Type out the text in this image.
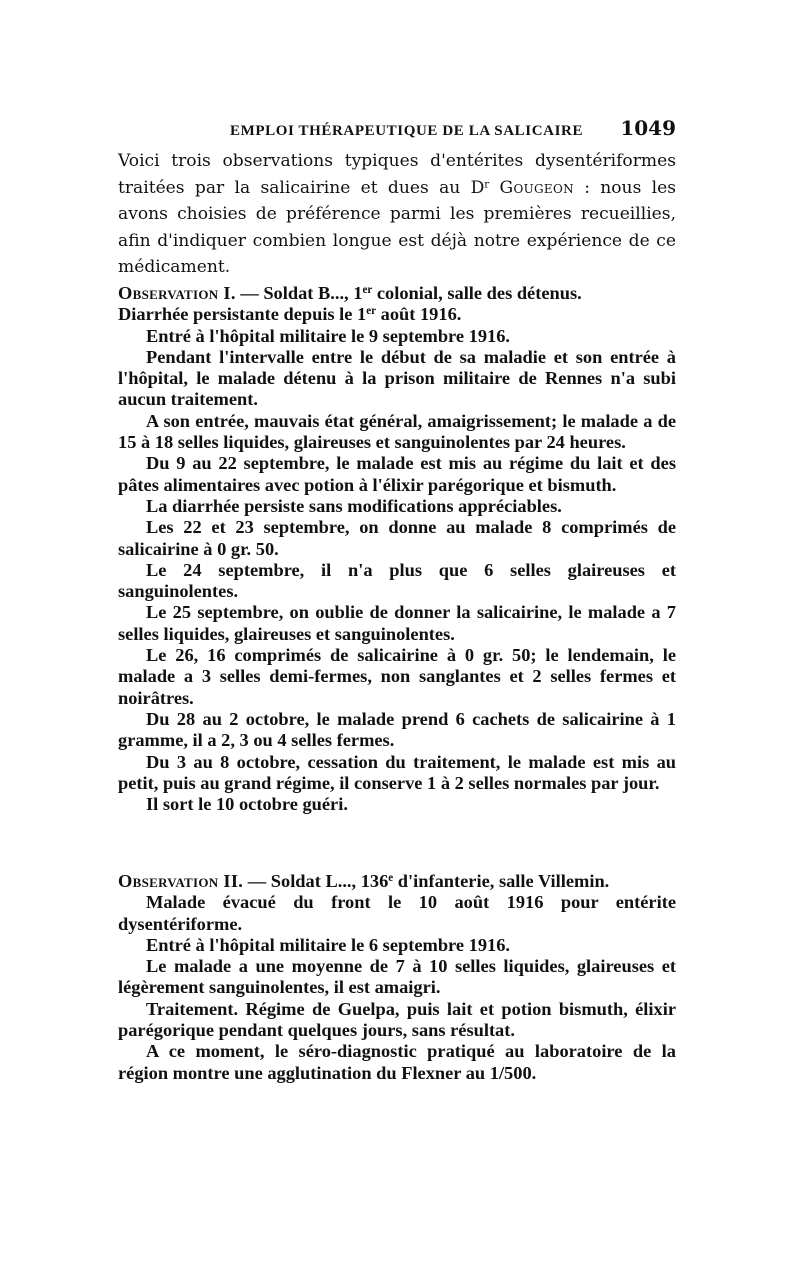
EMPLOI THÉRAPEUTIQUE DE LA SALICAIRE 1049

Voici trois observations typiques d'entérites dysentériformes traitées par la salicairine et dues au $D^r$ Gougeon : nous les avons choisies de préférence parmi les premières recueillies, afin d'indiquer combien longue est déjà notre expérience de ce médicament.

Observation I. — Soldat B..., 1er colonial, salle des détenus.

Diarrhée persistante depuis le 1er août 1916.

Entré à l'hôpital militaire le 9 septembre 1916.

Pendant l'intervalle entre le début de sa maladie et son entrée à l'hôpital, le malade détenu à la prison militaire de Rennes n'a subi aucun traitement.

A son entrée, mauvais état général, amaigrissement; le malade a de 15 à 18 selles liquides, glaireuses et sanguinolentes par 24 heures.

Du 9 au 22 septembre, le malade est mis au régime du lait et des pâtes alimentaires avec potion à l'élixir parégorique et bismuth.

La diarrhée persiste sans modifications appréciables.

Les 22 et 23 septembre, on donne au malade 8 comprimés de salicairine à 0 gr. 50.

Le 24 septembre, il n'a plus que 6 selles glaireuses et sanguinolentes.

Le 25 septembre, on oublie de donner la salicairine, le malade a 7 selles liquides, glaireuses et sanguinolentes.

Le 26, 16 comprimés de salicairine à 0 gr. 50; le lendemain, le malade a 3 selles demi-fermes, non sanglantes et 2 selles fermes et noirâtres.

Du 28 au 2 octobre, le malade prend 6 cachets de salicairine à 1 gramme, il a 2, 3 ou 4 selles fermes.

Du 3 au 8 octobre, cessation du traitement, le malade est mis au petit, puis au grand régime, il conserve 1 à 2 selles normales par jour.

Il sort le 10 octobre guéri.

Observation II. — Soldat L..., 136e d'infanterie, salle Villemin.

Malade évacué du front le 10 août 1916 pour entérite dysentériforme.

Entré à l'hôpital militaire le 6 septembre 1916.

Le malade a une moyenne de 7 à 10 selles liquides, glaireuses et légèrement sanguinolentes, il est amaigri.

Traitement. Régime de Guelpa, puis lait et potion bismuth, élixir parégorique pendant quelques jours, sans résultat.

A ce moment, le séro-diagnostic pratiqué au laboratoire de la région montre une agglutination du Flexner au 1/500.
